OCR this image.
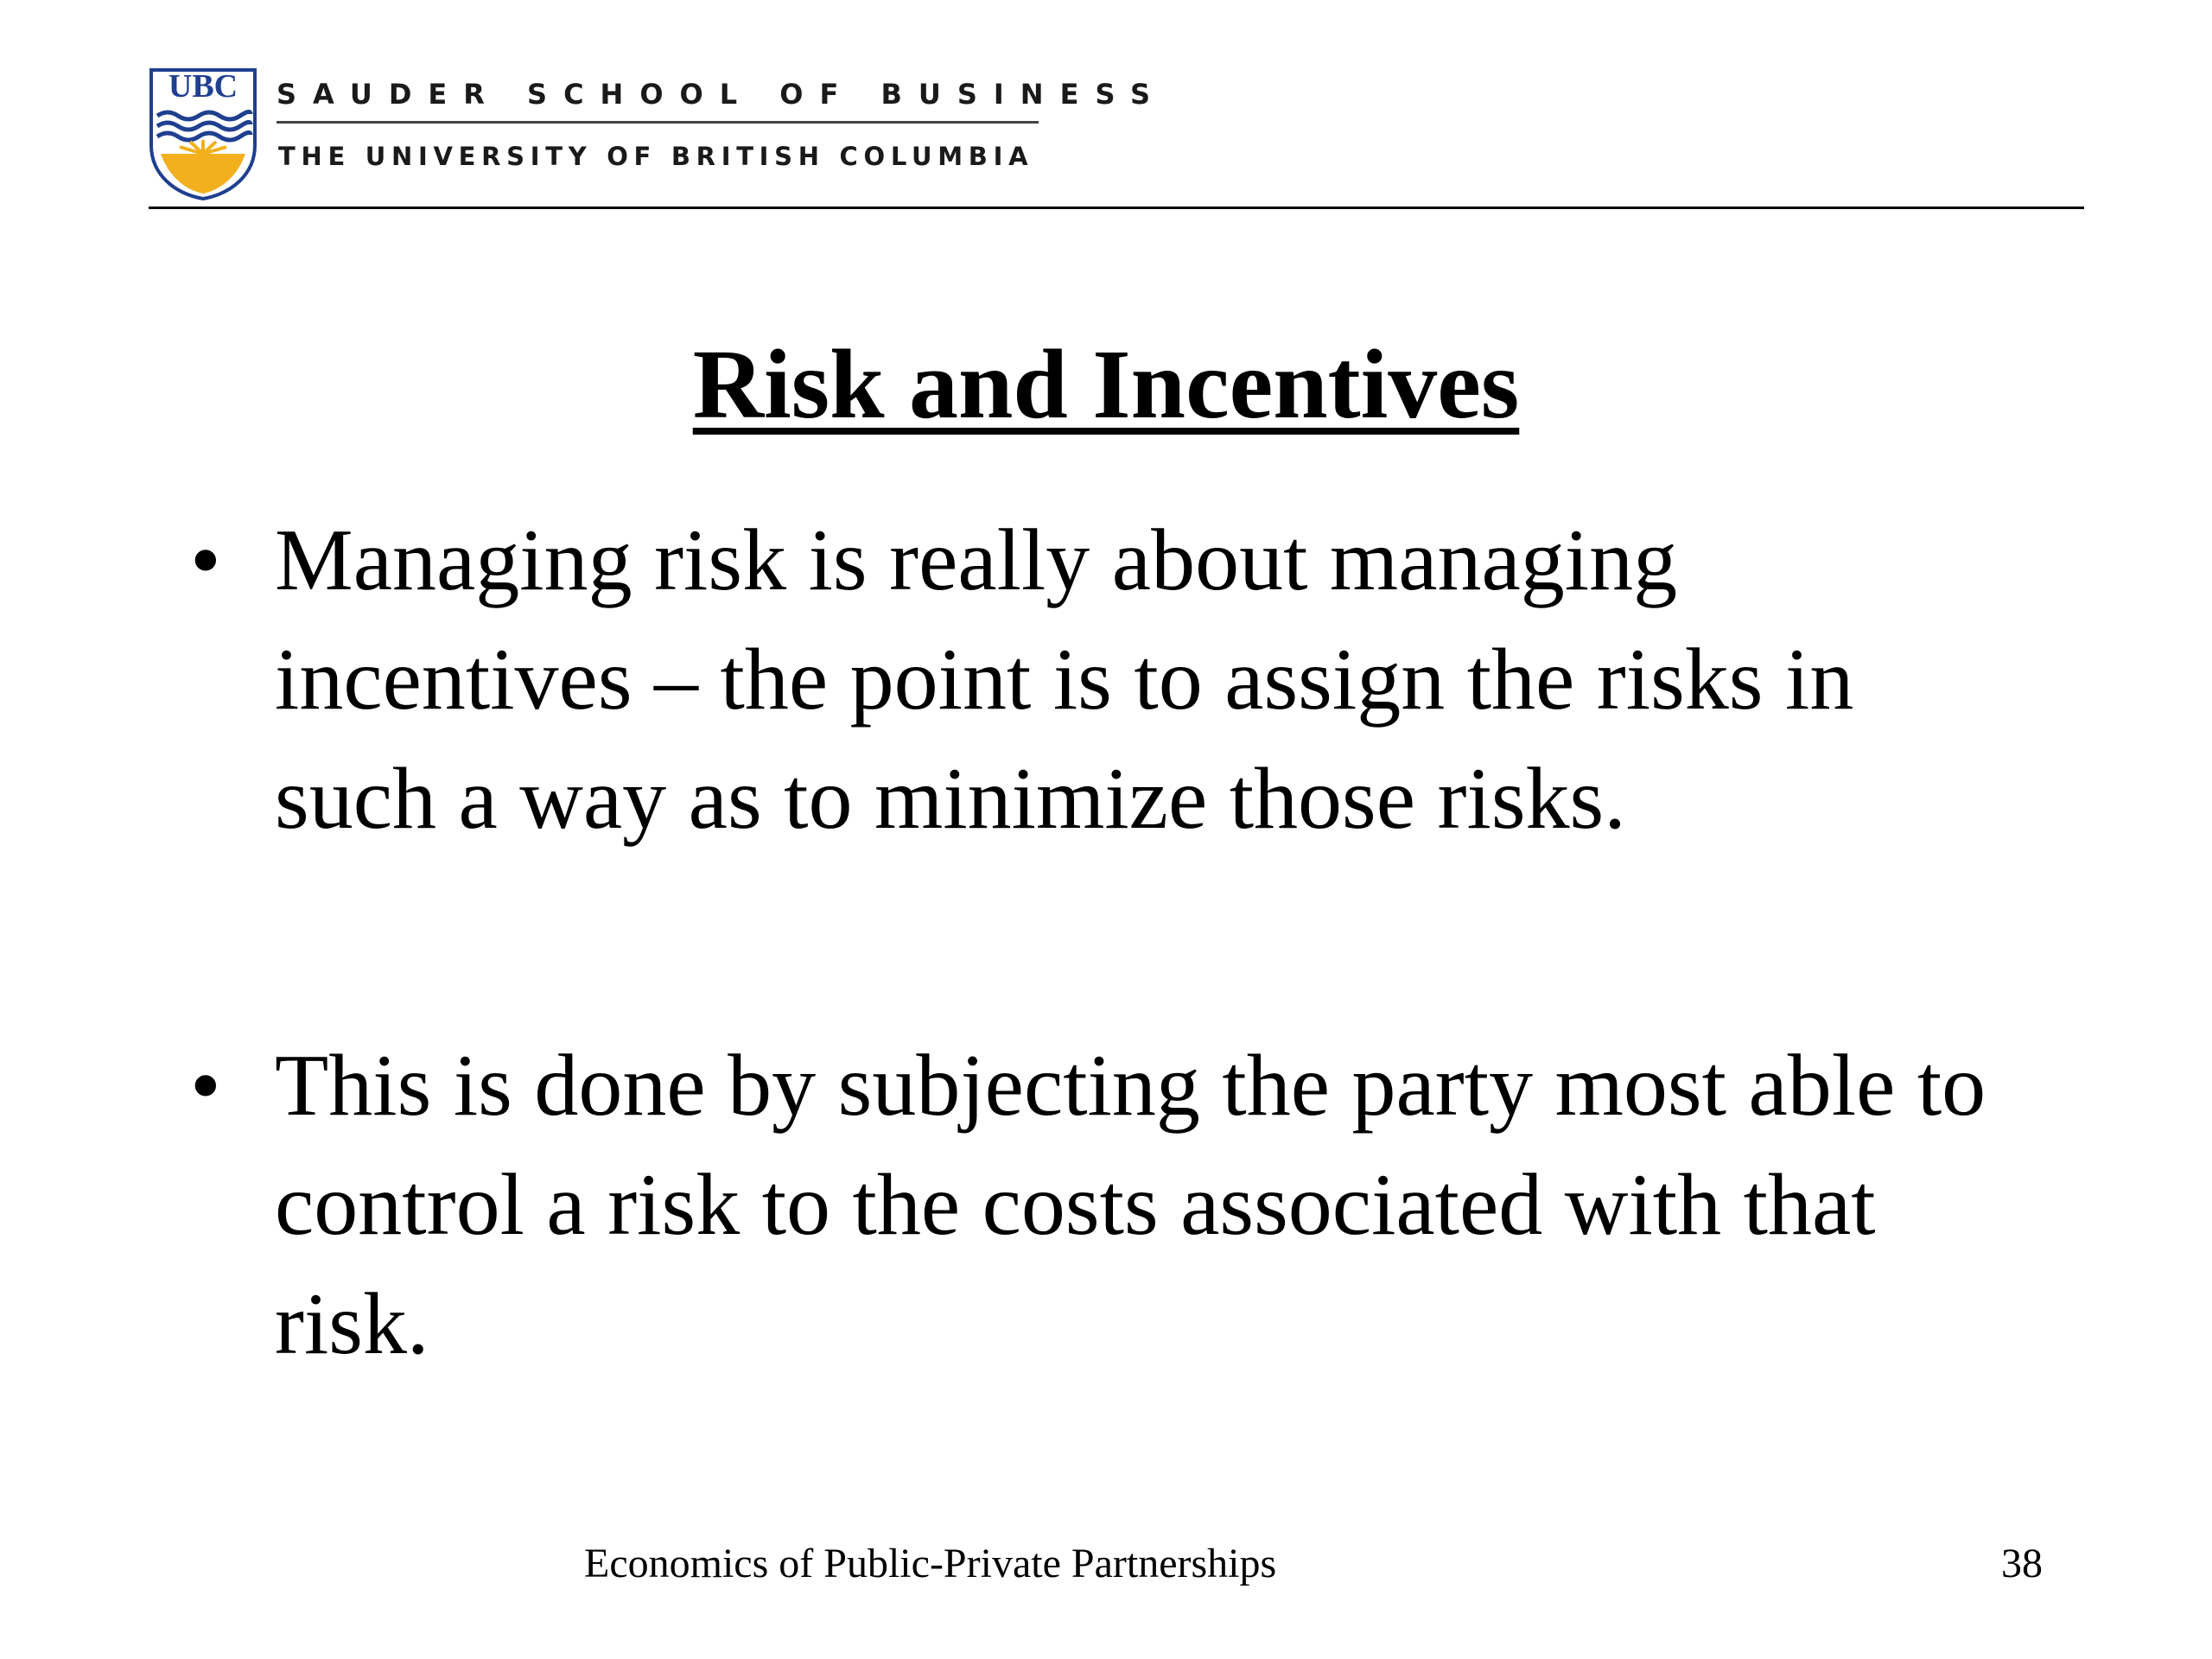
UBC SAUDER SCHOOL OF BUSINESS
THE UNIVERSITY OF BRITISH COLUMBIA
Risk and Incentives
• Managing risk is really about managing incentives – the point is to assign the risks in such a way as to minimize those risks.
• This is done by subjecting the party most able to control a risk to the costs associated with that risk.
Economics of Public-Private Partnerships	38
